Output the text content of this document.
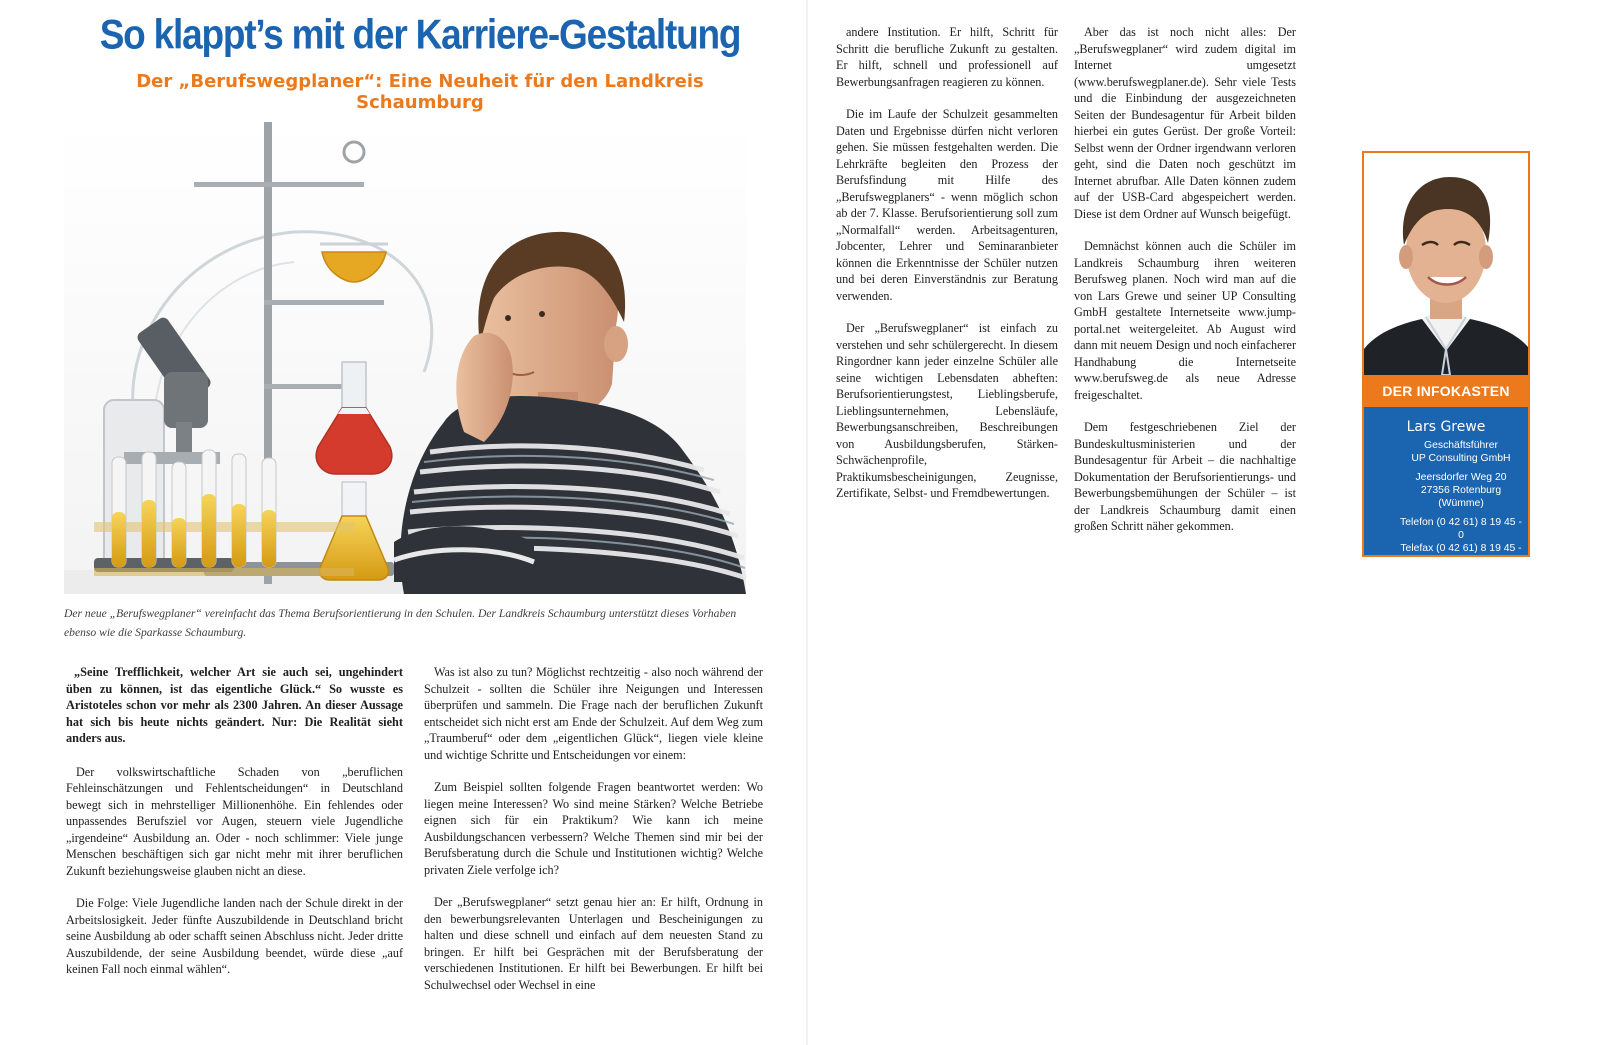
So klappt’s mit der Karriere-Gestaltung
Der „Berufswegplaner“: Eine Neuheit für den Landkreis Schaumburg

Der neue „Berufswegplaner“ vereinfacht das Thema Berufsorientierung in den Schulen. Der Landkreis Schaumburg unterstützt dieses Vorhaben ebenso wie die Sparkasse Schaumburg.

„Seine Trefflichkeit, welcher Art sie auch sei, ungehindert üben zu können, ist das eigentliche Glück.“ So wusste es Aristoteles schon vor mehr als 2300 Jahren. An dieser Aussage hat sich bis heute nichts geändert. Nur: Die Realität sieht anders aus.

Der volkswirtschaftliche Schaden von „beruflichen Fehleinschätzungen und Fehlentscheidungen“ in Deutschland bewegt sich in mehrstelliger Millionenhöhe. Ein fehlendes oder unpassendes Berufsziel vor Augen, steuern viele Jugendliche „irgendeine“ Ausbildung an. Oder - noch schlimmer: Viele junge Menschen beschäftigen sich gar nicht mehr mit ihrer beruflichen Zukunft beziehungsweise glauben nicht an diese.

Die Folge: Viele Jugendliche landen nach der Schule direkt in der Arbeitslosigkeit. Jeder fünfte Auszubildende in Deutschland bricht seine Ausbildung ab oder schafft seinen Abschluss nicht. Jeder dritte Auszubildende, der seine Ausbildung beendet, würde diese „auf keinen Fall noch einmal wählen“.

Was ist also zu tun? Möglichst rechtzeitig - also noch während der Schulzeit - sollten die Schüler ihre Neigungen und Interessen überprüfen und sammeln. Die Frage nach der beruflichen Zukunft entscheidet sich nicht erst am Ende der Schulzeit. Auf dem Weg zum „Traumberuf“ oder dem „eigentlichen Glück“, liegen viele kleine und wichtige Schritte und Entscheidungen vor einem:

Zum Beispiel sollten folgende Fragen beantwortet werden: Wo liegen meine Interessen? Wo sind meine Stärken? Welche Betriebe eignen sich für ein Praktikum? Wie kann ich meine Ausbildungschancen verbessern? Welche Themen sind mir bei der Berufsberatung durch die Schule und Institutionen wichtig? Welche privaten Ziele verfolge ich?

Der „Berufswegplaner“ setzt genau hier an: Er hilft, Ordnung in den bewerbungsrelevanten Unterlagen und Bescheinigungen zu halten und diese schnell und einfach auf dem neuesten Stand zu bringen. Er hilft bei Gesprächen mit der Berufsberatung der verschiedenen Institutionen. Er hilft bei Bewerbungen. Er hilft bei Schulwechsel oder Wechsel in eine

andere Institution. Er hilft, Schritt für Schritt die berufliche Zukunft zu gestalten. Er hilft, schnell und professionell auf Bewerbungsanfragen reagieren zu können.

Die im Laufe der Schulzeit gesammelten Daten und Ergebnisse dürfen nicht verloren gehen. Sie müssen festgehalten werden. Die Lehrkräfte begleiten den Prozess der Berufsfindung mit Hilfe des „Berufswegplaners“ - wenn möglich schon ab der 7. Klasse. Berufsorientierung soll zum „Normalfall“ werden. Arbeitsagenturen, Jobcenter, Lehrer und Seminaranbieter können die Erkenntnisse der Schüler nutzen und bei deren Einverständnis zur Beratung verwenden.

Der „Berufswegplaner“ ist einfach zu verstehen und sehr schülergerecht. In diesem Ringordner kann jeder einzelne Schüler alle seine wichtigen Lebensdaten abheften: Berufsorientierungstest, Lieblingsberufe, Lieblingsunternehmen, Lebensläufe, Bewerbungsanschreiben, Beschreibungen von Ausbildungsberufen, Stärken-Schwächenprofile, Praktikumsbescheinigungen, Zeugnisse, Zertifikate, Selbst- und Fremdbewertungen.

Aber das ist noch nicht alles: Der „Berufswegplaner“ wird zudem digital im Internet umgesetzt (www.berufswegplaner.de). Sehr viele Tests und die Einbindung der ausgezeichneten Seiten der Bundesagentur für Arbeit bilden hierbei ein gutes Gerüst. Der große Vorteil: Selbst wenn der Ordner irgendwann verloren geht, sind die Daten noch geschützt im Internet abrufbar. Alle Daten können zudem auf der USB-Card abgespeichert werden. Diese ist dem Ordner auf Wunsch beigefügt.

Demnächst können auch die Schüler im Landkreis Schaumburg ihren weiteren Berufsweg planen. Noch wird man auf die von Lars Grewe und seiner UP Consulting GmbH gestaltete Internetseite www.jump-portal.net weitergeleitet. Ab August wird dann mit neuem Design und noch einfacherer Handhabung die Internetseite www.berufsweg.de als neue Adresse freigeschaltet.

Dem festgeschriebenen Ziel der Bundeskultusministerien und der Bundesagentur für Arbeit – die nachhaltige Dokumentation der Berufsorientierungs- und Bewerbungsbemühungen der Schüler – ist der Landkreis Schaumburg damit einen großen Schritt näher gekommen.

DER INFOKASTEN
Lars Grewe
Geschäftsführer
UP Consulting GmbH
Jeersdorfer Weg 20
27356 Rotenburg (Wümme)
Telefon (0 42 61) 8 19 45 - 0
Telefax (0 42 61) 8 19 45 - 99
info@up-consulting.de
www.berufsweg.de
